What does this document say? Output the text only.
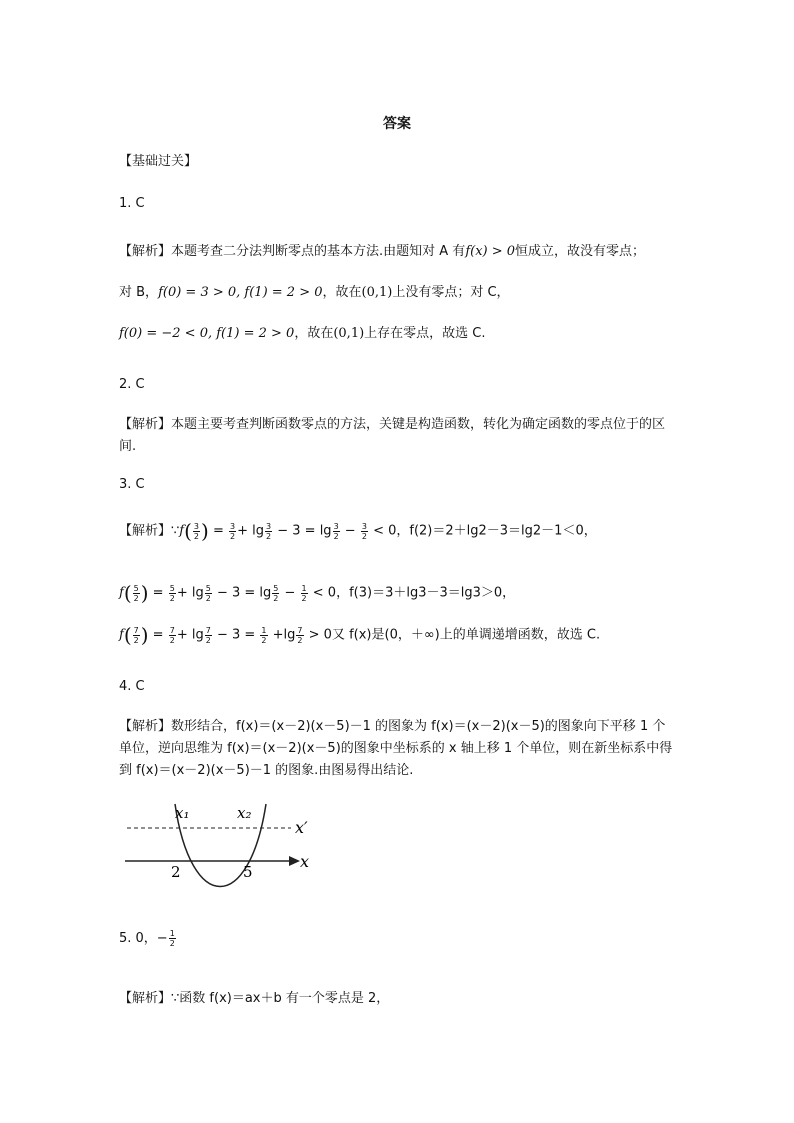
答案
【基础过关】
1. C
【解析】本题考查二分法判断零点的基本方法.由题知对 A 有f(x) > 0恒成立，故没有零点；
对 B，f(0) = 3 > 0, f(1) = 2 > 0，故在(0,1)上没有零点；对 C，
f(0) = −2 < 0, f(1) = 2 > 0，故在(0,1)上存在零点，故选 C.
2. C
【解析】本题主要考查判断函数零点的方法，关键是构造函数，转化为确定函数的零点位于的区间.
3. C
【解析】∵f( $\frac{3}{2}$ ) = $\frac{3}{2} + \lg \frac{3}{2} - 3 = \lg \frac{3}{2} - \frac{3}{2} < 0$，f(2)＝2＋lg2－3＝lg2－1＜0，
$f( \frac{5}{2}$ ) = $\frac{5}{2} + \lg \frac{5}{2} - 3 = \lg \frac{5}{2} - \frac{1}{2} < 0$，f(3)＝3＋lg3－3＝lg3＞0，
$f( \frac{7}{2}$ ) = $\frac{7}{2} + \lg \frac{7}{2} - 3 = \frac{1}{2} +\lg \frac{7}{2} > 0$又 f(x)是(0，＋∞)上的单调递增函数，故选 C.
4. C
【解析】数形结合，f(x)＝(x－2)(x－5)－1 的图象为 f(x)＝(x－2)(x－5)的图象向下平移 1 个单位，逆向思维为 f(x)＝(x－2)(x－5)的图象中坐标系的 x 轴上移 1 个单位，则在新坐标系中得到 f(x)＝(x－2)(x－5)－1 的图象.由图易得出结论.
x₁	x₂
x′
x
2	5
5. 0，− $\frac{1}{2}$
【解析】∵函数 f(x)＝ax＋b 有一个零点是 2，
